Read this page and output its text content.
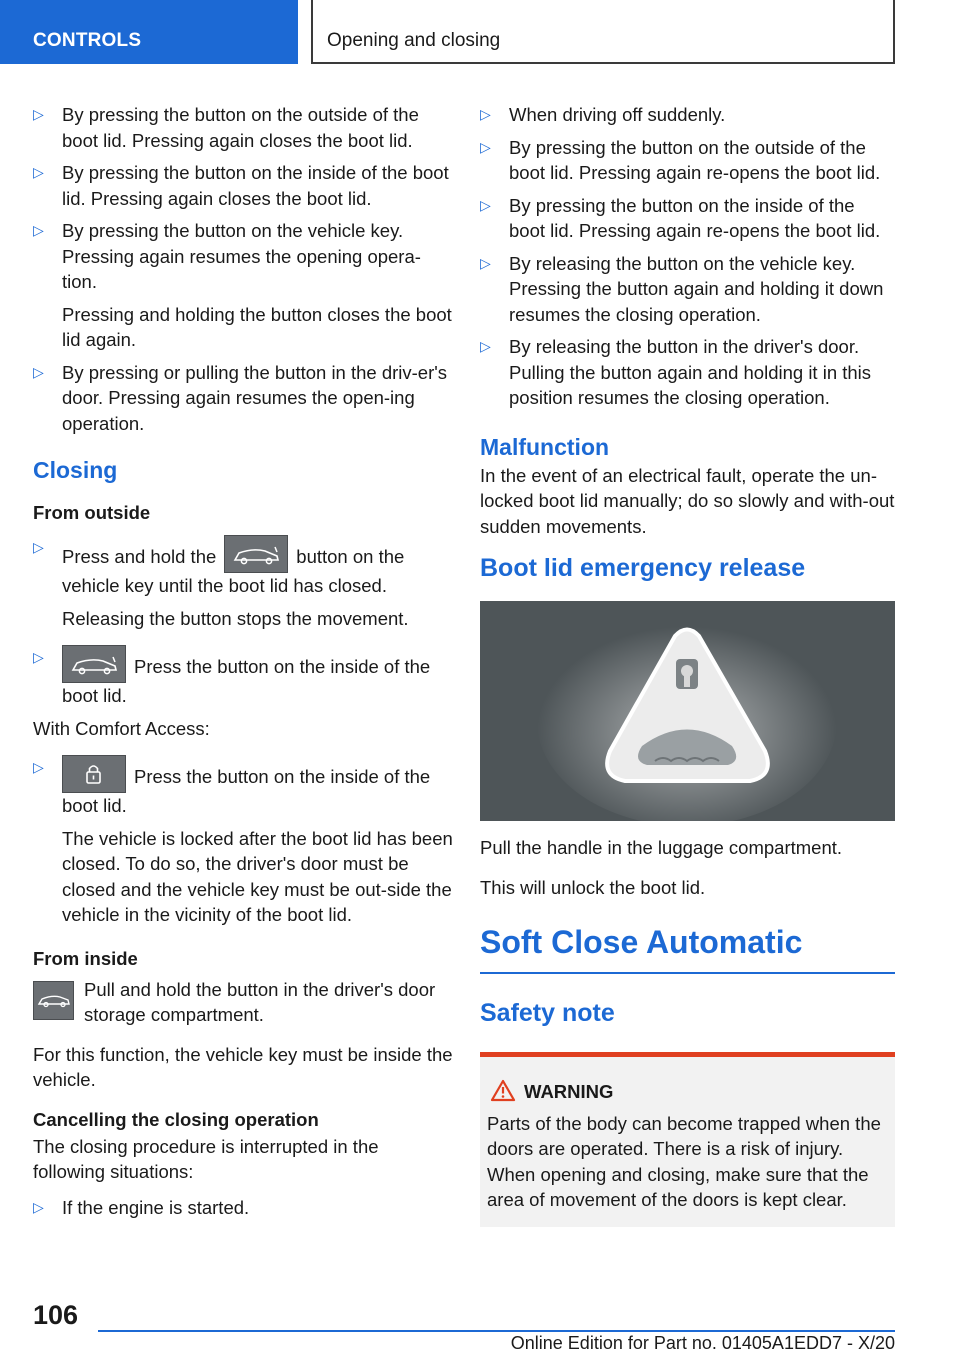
CONTROLS	Opening and closing
▷ By pressing the button on the outside of the boot lid. Pressing again closes the boot lid.
▷ By pressing the button on the inside of the boot lid. Pressing again closes the boot lid.
▷ By pressing the button on the vehicle key. Pressing again resumes the opening opera‐tion.
Pressing and holding the button closes the boot lid again.
▷ By pressing or pulling the button in the driv‐er's door. Pressing again resumes the open‐ing operation.
Closing
From outside
▷ Press and hold the	button on the vehicle key until the boot lid has closed.
Releasing the button stops the movement.
▷	Press the button on the inside of the boot lid.

With Comfort Access:

▷	Press the button on the inside of the boot lid.
The vehicle is locked after the boot lid has been closed. To do so, the driver's door must be closed and the vehicle key must be out‐side the vehicle in the vicinity of the boot lid.
From inside
Pull and hold the button in the driver's door storage compartment.

For this function, the vehicle key must be inside the vehicle.

Cancelling the closing operation

The closing procedure is interrupted in the following situations:

▷ If the engine is started.
▷ When driving off suddenly.
▷ By pressing the button on the outside of the boot lid. Pressing again re-opens the boot lid.
▷ By pressing the button on the inside of the boot lid. Pressing again re-opens the boot lid.
▷ By releasing the button on the vehicle key. Pressing the button again and holding it down resumes the closing operation.
▷ By releasing the button in the driver's door. Pulling the button again and holding it in this position resumes the closing operation.
Malfunction

In the event of an electrical fault, operate the un‐locked boot lid manually; do so slowly and with‐out sudden movements.

Boot lid emergency release

Pull the handle in the luggage compartment.

This will unlock the boot lid.

Soft Close Automatic
Safety note
WARNING
Parts of the body can become trapped when the doors are operated. There is a risk of injury. When opening and closing, make sure that the area of movement of the doors is kept clear.
106
Online Edition for Part no. 01405A1EDD7 - X/20
